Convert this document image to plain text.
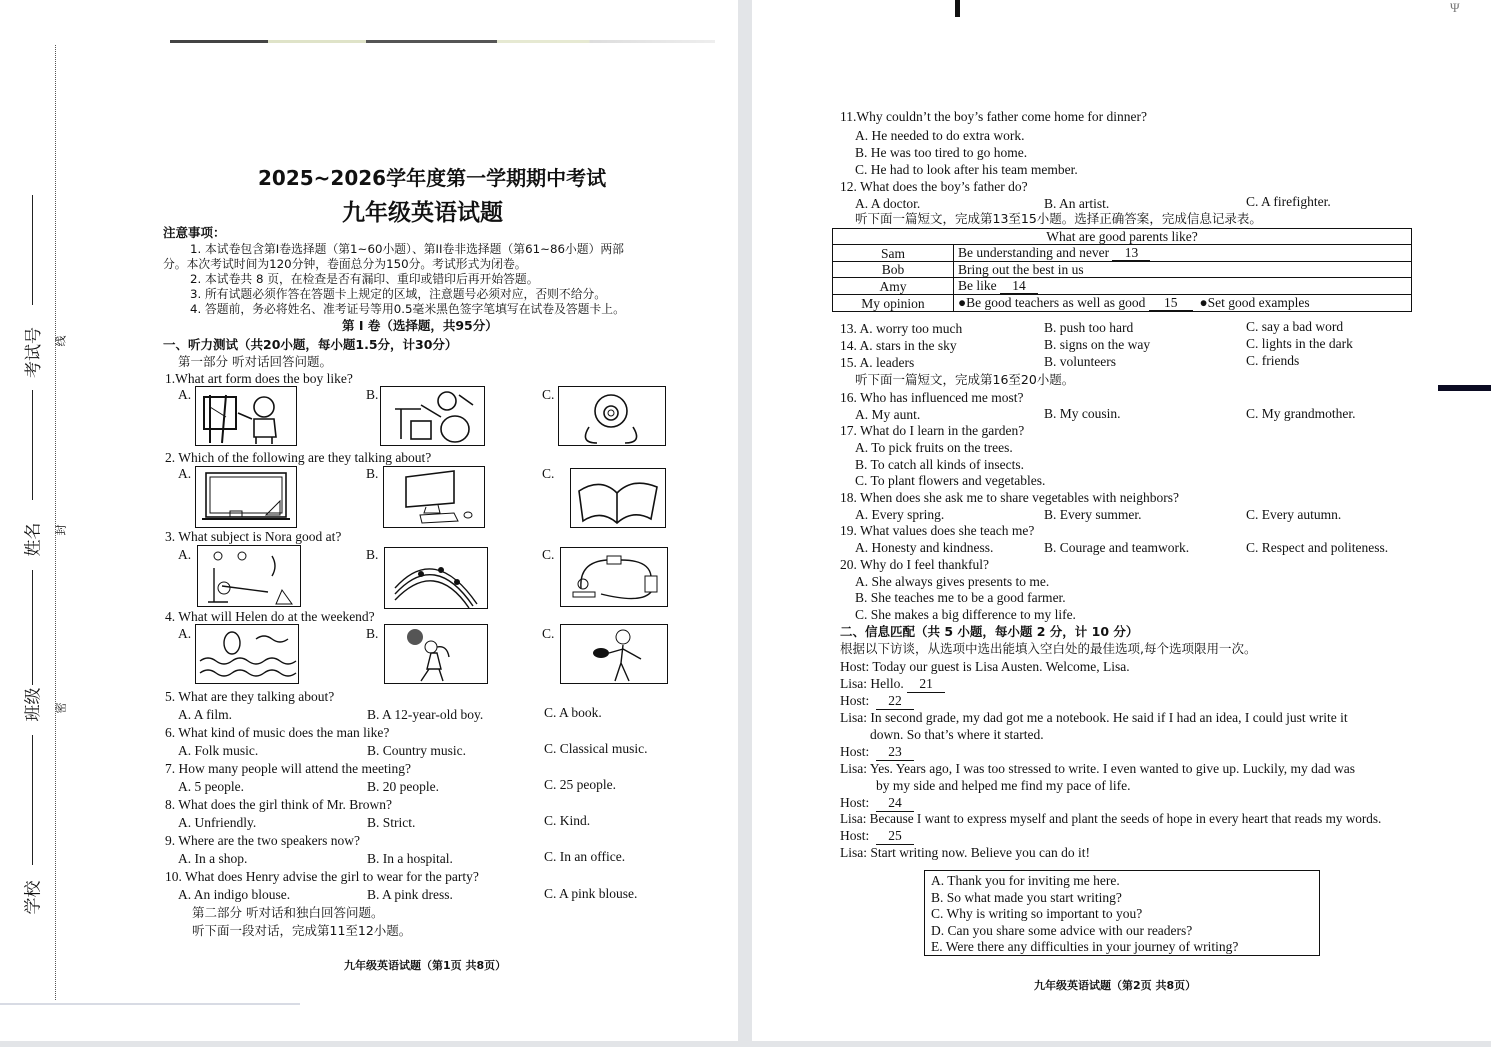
考试号
姓名
班级
学校
线
封
密
2025~2026学年度第一学期期中考试
九年级英语试题
注意事项：
1. 本试卷包含第I卷选择题（第1~60小题）、第II卷非选择题（第61~86小题）两部
分。本次考试时间为120分钟，卷面总分为150分。考试形式为闭卷。
2. 本试卷共 8 页，在检查是否有漏印、重印或错印后再开始答题。
3. 所有试题必须作答在答题卡上规定的区域，注意题号必须对应，否则不给分。
4. 答题前，务必将姓名、准考证号等用0.5毫米黑色签字笔填写在试卷及答题卡上。
第 I 卷（选择题，共95分）
一、听力测试（共20小题，每小题1.5分，计30分）
第一部分 听对话回答问题。
1.What art form does the boy like?
A.	B.	C.
2. Which of the following are they talking about?
A.	B.	C.
3. What subject is Nora good at?
A.	B.	C.
4. What will Helen do at the weekend?
A.	B.	C.
5. What are they talking about?
A. A film.	B. A 12-year-old boy.	C. A book.
6. What kind of music does the man like?
A. Folk music.	B. Country music.	C. Classical music.
7. How many people will attend the meeting?
A. 5 people.	B. 20 people.	C. 25 people.
8. What does the girl think of Mr. Brown?
A. Unfriendly.	B. Strict.	C. Kind.
9. Where are the two speakers now?
A. In a shop.	B. In a hospital.	C. In an office.
10. What does Henry advise the girl to wear for the party?
A. An indigo blouse.	B. A pink dress.	C. A pink blouse.
第二部分 听对话和独白回答问题。
听下面一段对话，完成第11至12小题。
九年级英语试题（第1页 共8页）
Ψ
11.Why couldn’t the boy’s father come home for dinner?
A. He needed to do extra work.
B. He was too tired to go home.
C. He had to look after his team member.
12. What does the boy’s father do?
A. A doctor.	B. An artist.	C. A firefighter.
听下面一篇短文，完成第13至15小题。选择正确答案，完成信息记录表。
What are good parents like?	
Sam	Be understanding and never 13
Bob	Bring out the best in us
Amy	Be like 14
My opinion	●Be good teachers as well as good 15 ●Set good examples
13. A. worry too much	B. push too hard	C. say a bad word
14. A. stars in the sky	B. signs on the way	C. lights in the dark
15. A. leaders	B. volunteers	C. friends
听下面一篇短文，完成第16至20小题。
16. Who has influenced me most?
A. My aunt.	B. My cousin.	C. My grandmother.
17. What do I learn in the garden?
A. To pick fruits on the trees.
B. To catch all kinds of insects.
C. To plant flowers and vegetables.
18. When does she ask me to share vegetables with neighbors?
A. Every spring.	B. Every summer.	C. Every autumn.
19. What values does she teach me?
A. Honesty and kindness.	B. Courage and teamwork.	C. Respect and politeness.
20. Why do I feel thankful?
A. She always gives presents to me.
B. She teaches me to be a good farmer.
C. She makes a big difference to my life.
二、信息匹配（共 5 小题，每小题 2 分，计 10 分）
根据以下访谈，从选项中选出能填入空白处的最佳选项,每个选项限用一次。
Host: Today our guest is Lisa Austen. Welcome, Lisa.
Lisa: Hello. 21
Host: 22
Lisa: In second grade, my dad got me a notebook. He said if I had an idea, I could just write it
down. So that’s where it started.
Host: 23
Lisa: Yes. Years ago, I was too stressed to write. I even wanted to give up. Luckily, my dad was
by my side and helped me find my pace of life.
Host: 24
Lisa: Because I want to express myself and plant the seeds of hope in every heart that reads my words.
Host: 25
Lisa: Start writing now. Believe you can do it!
A. Thank you for inviting me here.
B. So what made you start writing?
C. Why is writing so important to you?
D. Can you share some advice with our readers?
E. Were there any difficulties in your journey of writing?
九年级英语试题（第2页 共8页）
